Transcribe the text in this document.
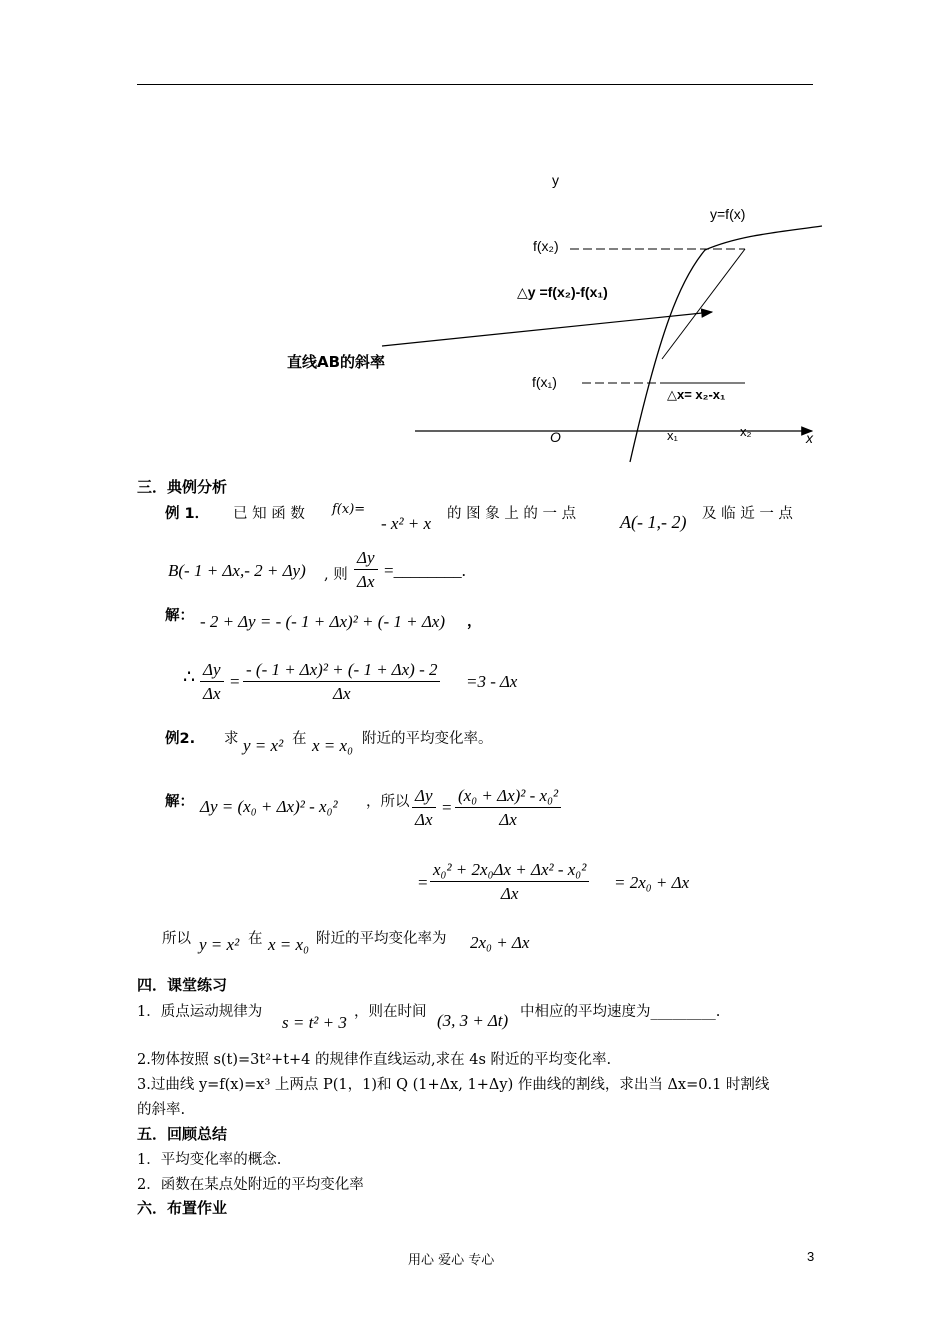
y
y=f(x)
f(x₂)
△y =f(x₂)-f(x₁)
直线AB的斜率
f(x₁)
△x= x₂-x₁
O	x₁	x₂	x
三．典例分析
例 1． 已 知 函 数 f(x)=
- x² + x 的 图 象 上 的 一 点 A(- 1,- 2) 及 临 近 一 点
B(- 1 + Δx,- 2 + Δy) , 则 $\frac{\Delta y}{\Delta x}$ =________.
解： - 2 + Δy = - (- 1 + Δx)² + (- 1 + Δx) ，
∴ $\frac{\Delta y}{\Delta x} = \frac{\text{- (- 1 + Δx)² + (- 1 + Δx) - 2}}{\Delta x} =3 - \Delta x$
例2. 求 y = x² 在 x = x₀ 附近的平均变化率。
解： Δy = (x₀ + Δx)² - x₀² ，所以 $\frac{\Delta y}{\Delta x} = \frac{\text{(x₀ + Δx)² - x₀²}}{\Delta x}$
= $\frac{\text{x₀² + 2x₀Δx + Δx² - x₀²}}{\Delta x} = 2x_0 + \Delta x$
所以 y = x² 在 x = x₀ 附近的平均变化率为 2x₀ + Δx
四．课堂练习
1．质点运动规律为
s = t² + 3
，则在时间 (3, 3 + Δt) 中相应的平均速度为_________.
2.物体按照 s(t)=3t²+t+4 的规律作直线运动,求在 4s 附近的平均变化率.
3.过曲线 y=f(x)=x³ 上两点 P(1，1)和 Q (1+Δx, 1+Δy) 作曲线的割线，求出当 Δx=0.1 时割线
的斜率.
五．回顾总结
1．平均变化率的概念.
2．函数在某点处附近的平均变化率
六．布置作业
用心 爱心 专心	3
